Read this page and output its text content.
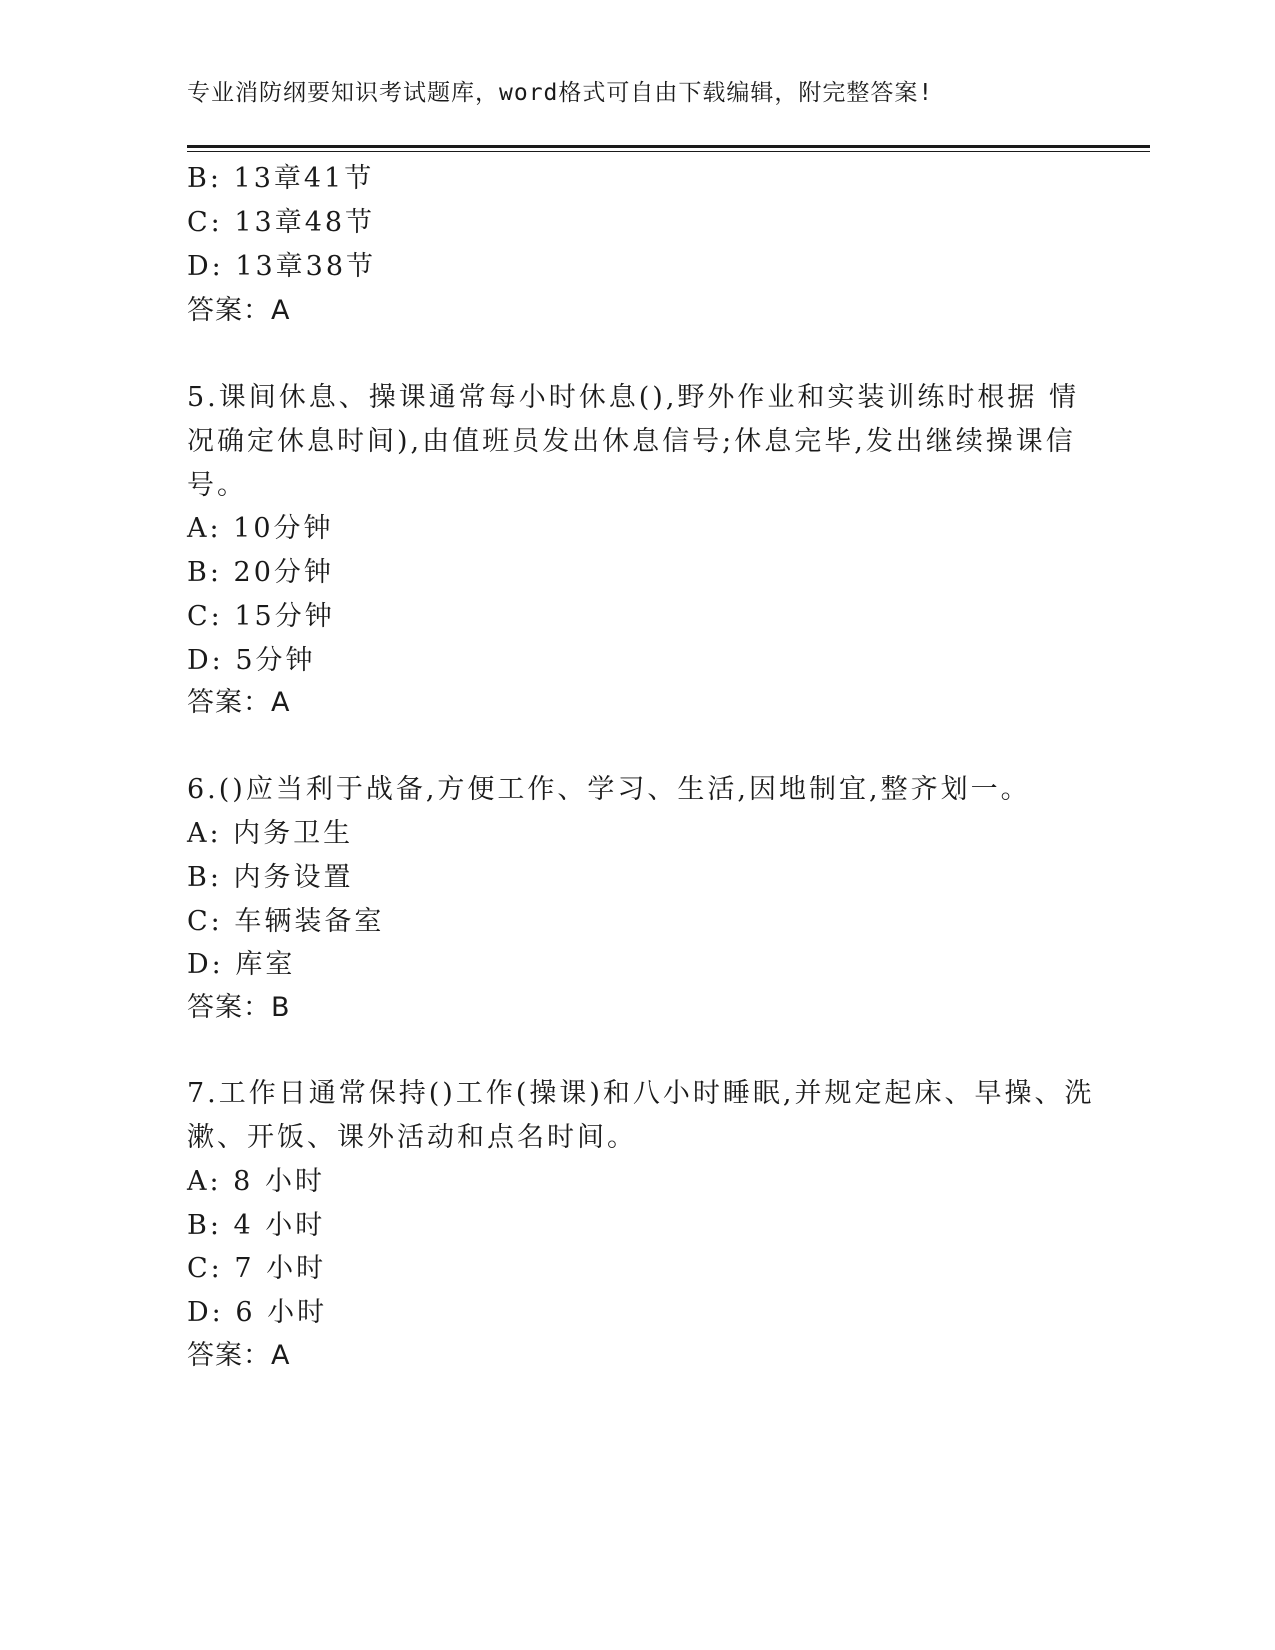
专业消防纲要知识考试题库，word格式可自由下载编辑，附完整答案!
B: 13章41节
C: 13章48节
D: 13章38节
答案：A
5.课间休息、操课通常每小时休息(),野外作业和实装训练时根据 情
况确定休息时间),由值班员发出休息信号;休息完毕,发出继续操课信
号。
A: 10分钟
B: 20分钟
C: 15分钟
D: 5分钟
答案：A
6.()应当利于战备,方便工作、学习、生活,因地制宜,整齐划一。
A: 内务卫生
B: 内务设置
C: 车辆装备室
D: 库室
答案：B
7.工作日通常保持()工作(操课)和八小时睡眠,并规定起床、早操、洗
漱、开饭、课外活动和点名时间。
A: 8 小时
B: 4 小时
C: 7 小时
D: 6 小时
答案：A
